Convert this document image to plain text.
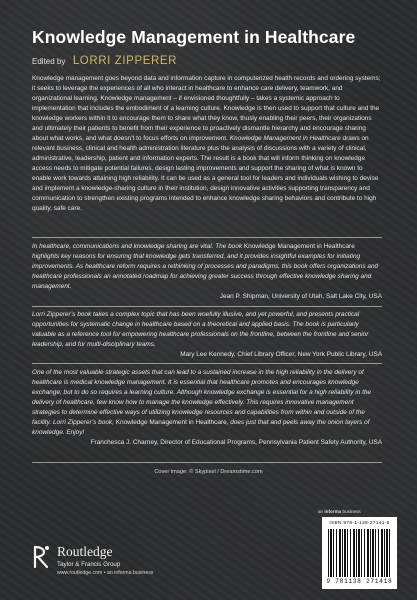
Knowledge Management in Healthcare
Edited by LORRI ZIPPERER

Knowledge management goes beyond data and information capture in computerized health records and ordering systems; it seeks to leverage the experiences of all who interact in healthcare to enhance care delivery, teamwork, and organizational learning. Knowledge management – if envisioned thoughtfully – takes a systemic approach to implementation that includes the embodiment of a learning culture. Knowledge is then used to support that culture and the knowledge workers within it to encourage them to share what they know, thusly enabling their peers, their organizations and ultimately their patients to benefit from their experience to proactively dismantle hierarchy and encourage sharing about what works, and what doesn’t to focus efforts on improvement. Knowledge Management in Healthcare draws on relevant business, clinical and health administration literature plus the analysis of discussions with a variety of clinical, administrative, leadership, patient and information experts. The result is a book that will inform thinking on knowledge access needs to mitigate potential failures, design lasting improvements and support the sharing of what is known to enable work towards attaining high reliability. It can be used as a general tool for leaders and individuals wishing to devise and implement a knowledge-sharing culture in their institution, design innovative activities supporting transparency and communication to strengthen existing programs intended to enhance knowledge sharing behaviors and contribute to high quality, safe care.

In healthcare, communications and knowledge sharing are vital. The book Knowledge Management in Healthcare highlights key reasons for ensuring that knowledge gets transferred, and it provides insightful examples for initiating improvements. As healthcare reform requires a rethinking of processes and paradigms, this book offers organizations and healthcare professionals an annotated roadmap for achieving greater success through effective knowledge sharing and management.
Jean P. Shipman, University of Utah, Salt Lake City, USA
Lorri Zipperer’s book takes a complex topic that has been woefully illusive, and yet powerful, and presents practical opportunities for systematic change in healthcare based on a theoretical and applied basis. The book is particularly valuable as a reference tool for empowering healthcare professionals on the frontline, between the frontline and senior leadership, and for multi-disciplinary teams.
Mary Lee Kennedy, Chief Library Officer, New York Public Library, USA
One of the most valuable strategic assets that can lead to a sustained increase in the high reliability in the delivery of healthcare is medical knowledge management. It is essential that healthcare promotes and encourages knowledge exchange; but to do so requires a learning culture. Although knowledge exchange is essential for a high reliability in the delivery of healthcare, few know how to manage the knowledge effectively. This requires innovative management strategies to determine effective ways of utilizing knowledge resources and capabilities from within and outside of the facility. Lorri Zipperer’s book, Knowledge Management in Healthcare, does just that and peels away the onion layers of knowledge. Enjoy!
Franchesca J. Charney, Director of Educational Programs, Pennsylvania Patient Safety Authority, USA
Cover image: © Skypixel / Dreamstime.com
an informa business
ISBN 978-1-138-27141-8
9 781138 271418
Routledge
Taylor & Francis Group
www.routledge.com • an informa business
